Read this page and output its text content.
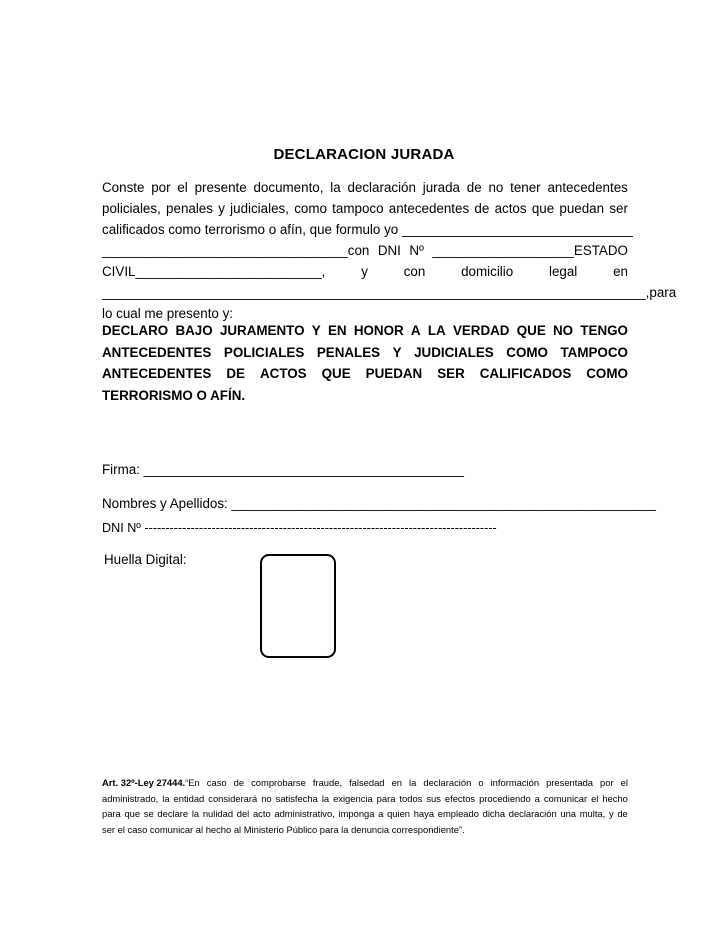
DECLARACION JURADA
Conste por el presente documento, la declaración jurada de no tener antecedentes
policiales, penales y judiciales, como tampoco antecedentes de actos que puedan ser
calificados como terrorismo o afín, que formulo yo _______________________________
_________________________________con DNI Nº ___________________ESTADO
CIVIL_________________________,	y	con	domicilio	legal	en
_________________________________________________________________________, para
lo cual me presento y:
DECLARO BAJO JURAMENTO Y EN HONOR A LA VERDAD QUE NO TENGO
ANTECEDENTES POLICIALES PENALES Y JUDICIALES COMO TAMPOCO
ANTECEDENTES DE ACTOS QUE PUEDAN SER CALIFICADOS COMO
TERRORISMO O AFÍN.
Firma: ___________________________________________
Nombres y Apellidos: _________________________________________________________
DNI Nº ------------------------------------------------------------------------------------
Huella Digital:
Art. 32º-Ley 27444.“En caso de comprobarse fraude, falsedad en la declaración o información presentada por el
administrado, la entidad considerará no satisfecha la exigencia para todos sus efectos procediendo a comunicar el hecho
para que se declare la nulidad del acto administrativo, imponga a quien haya empleado dicha declaración una multa, y de
ser el caso comunicar al hecho al Ministerio Público para la denuncia correspondiente”.
